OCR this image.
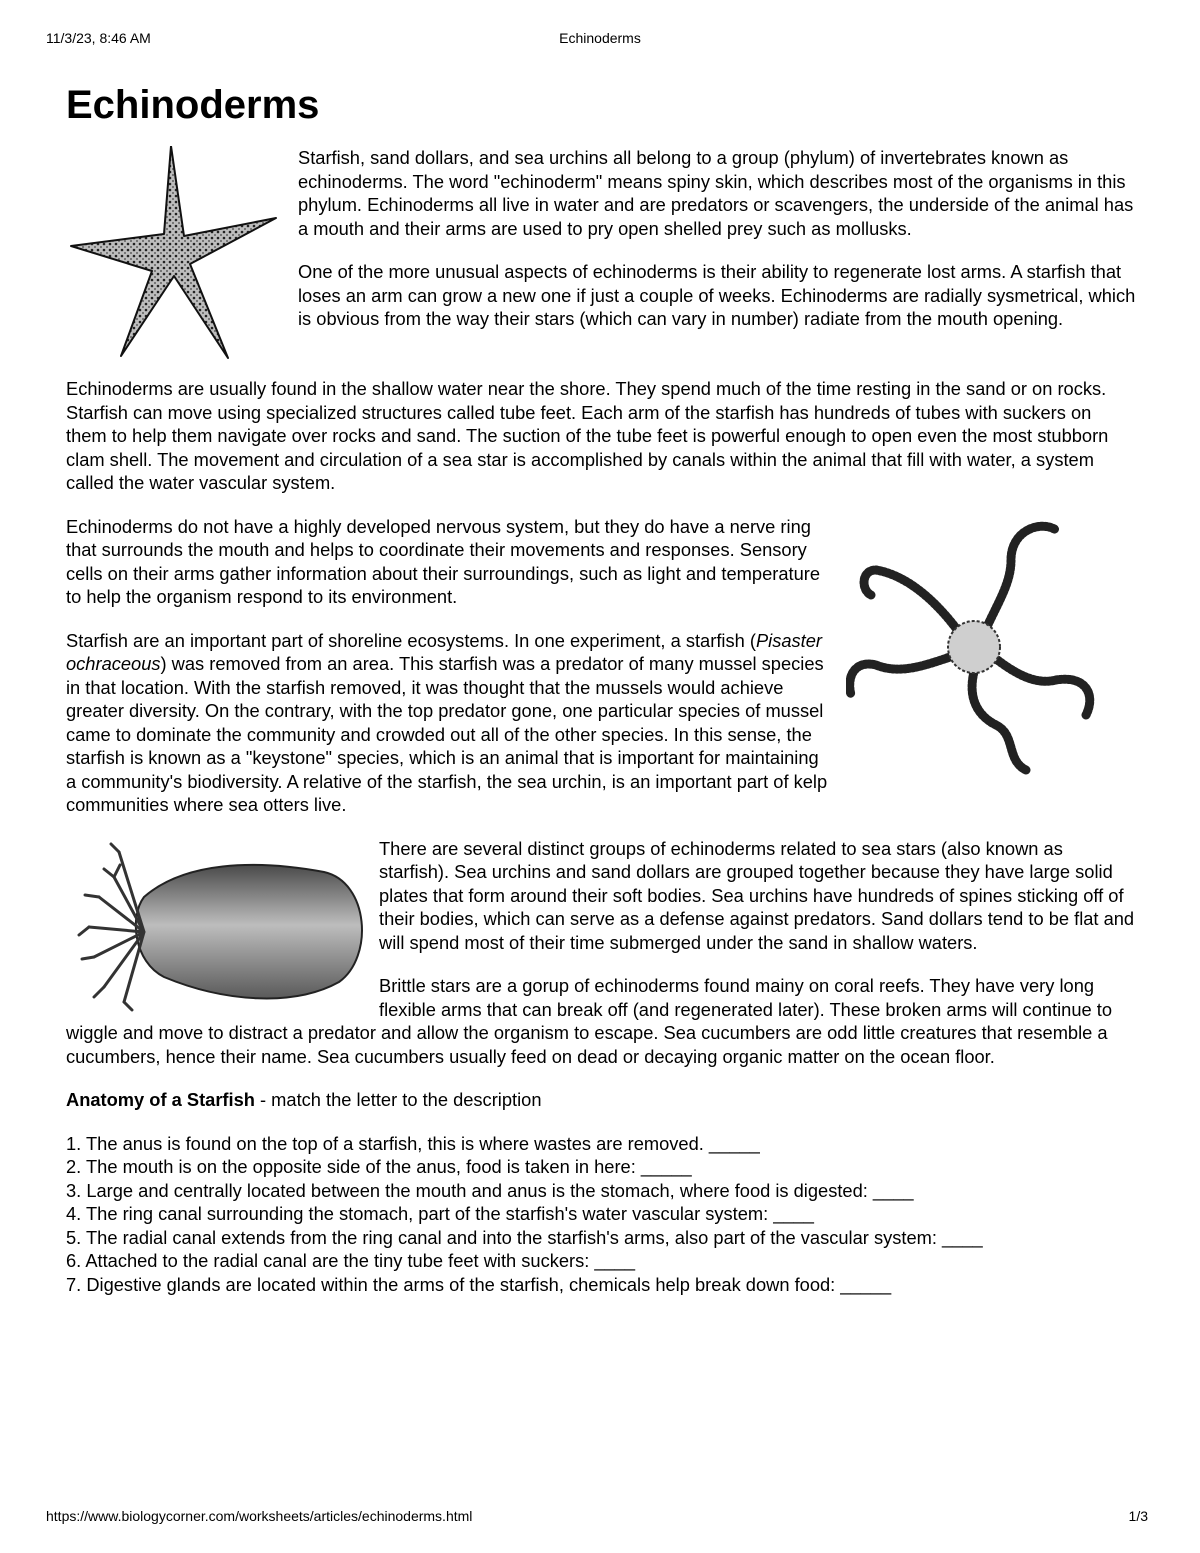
11/3/23, 8:46 AM	Echinoderms
Echinoderms

Starfish, sand dollars, and sea urchins all belong to a group (phylum) of invertebrates known as echinoderms. The word "echinoderm" means spiny skin, which describes most of the organisms in this phylum. Echinoderms all live in water and are predators or scavengers, the underside of the animal has a mouth and their arms are used to pry open shelled prey such as mollusks.

One of the more unusual aspects of echinoderms is their ability to regenerate lost arms. A starfish that loses an arm can grow a new one if just a couple of weeks. Echinoderms are radially sysmetrical, which is obvious from the way their stars (which can vary in number) radiate from the mouth opening.

Echinoderms are usually found in the shallow water near the shore. They spend much of the time resting in the sand or on rocks. Starfish can move using specialized structures called tube feet. Each arm of the starfish has hundreds of tubes with suckers on them to help them navigate over rocks and sand. The suction of the tube feet is powerful enough to open even the most stubborn clam shell. The movement and circulation of a sea star is accomplished by canals within the animal that fill with water, a system called the water vascular system.

Echinoderms do not have a highly developed nervous system, but they do have a nerve ring that surrounds the mouth and helps to coordinate their movements and responses. Sensory cells on their arms gather information about their surroundings, such as light and temperature to help the organism respond to its environment.

Starfish are an important part of shoreline ecosystems. In one experiment, a starfish (Pisaster ochraceous) was removed from an area. This starfish was a predator of many mussel species in that location. With the starfish removed, it was thought that the mussels would achieve greater diversity. On the contrary, with the top predator gone, one particular species of mussel came to dominate the community and crowded out all of the other species. In this sense, the starfish is known as a "keystone" species, which is an animal that is important for maintaining a community's biodiversity. A relative of the starfish, the sea urchin, is an important part of kelp communities where sea otters live.

There are several distinct groups of echinoderms related to sea stars (also known as starfish). Sea urchins and sand dollars are grouped together because they have large solid plates that form around their soft bodies. Sea urchins have hundreds of spines sticking off of their bodies, which can serve as a defense against predators. Sand dollars tend to be flat and will spend most of their time submerged under the sand in shallow waters.

Brittle stars are a gorup of echinoderms found mainy on coral reefs. They have very long flexible arms that can break off (and regenerated later). These broken arms will continue to wiggle and move to distract a predator and allow the organism to escape. Sea cucumbers are odd little creatures that resemble a cucumbers, hence their name. Sea cucumbers usually feed on dead or decaying organic matter on the ocean floor.

Anatomy of a Starfish - match the letter to the description
1. The anus is found on the top of a starfish, this is where wastes are removed. _____
2. The mouth is on the opposite side of the anus, food is taken in here: _____
3. Large and centrally located between the mouth and anus is the stomach, where food is digested: ____
4. The ring canal surrounding the stomach, part of the starfish's water vascular system: ____
5. The radial canal extends from the ring canal and into the starfish's arms, also part of the vascular system: ____
6. Attached to the radial canal are the tiny tube feet with suckers: ____
7. Digestive glands are located within the arms of the starfish, chemicals help break down food: _____
https://www.biologycorner.com/worksheets/articles/echinoderms.html	1/3
